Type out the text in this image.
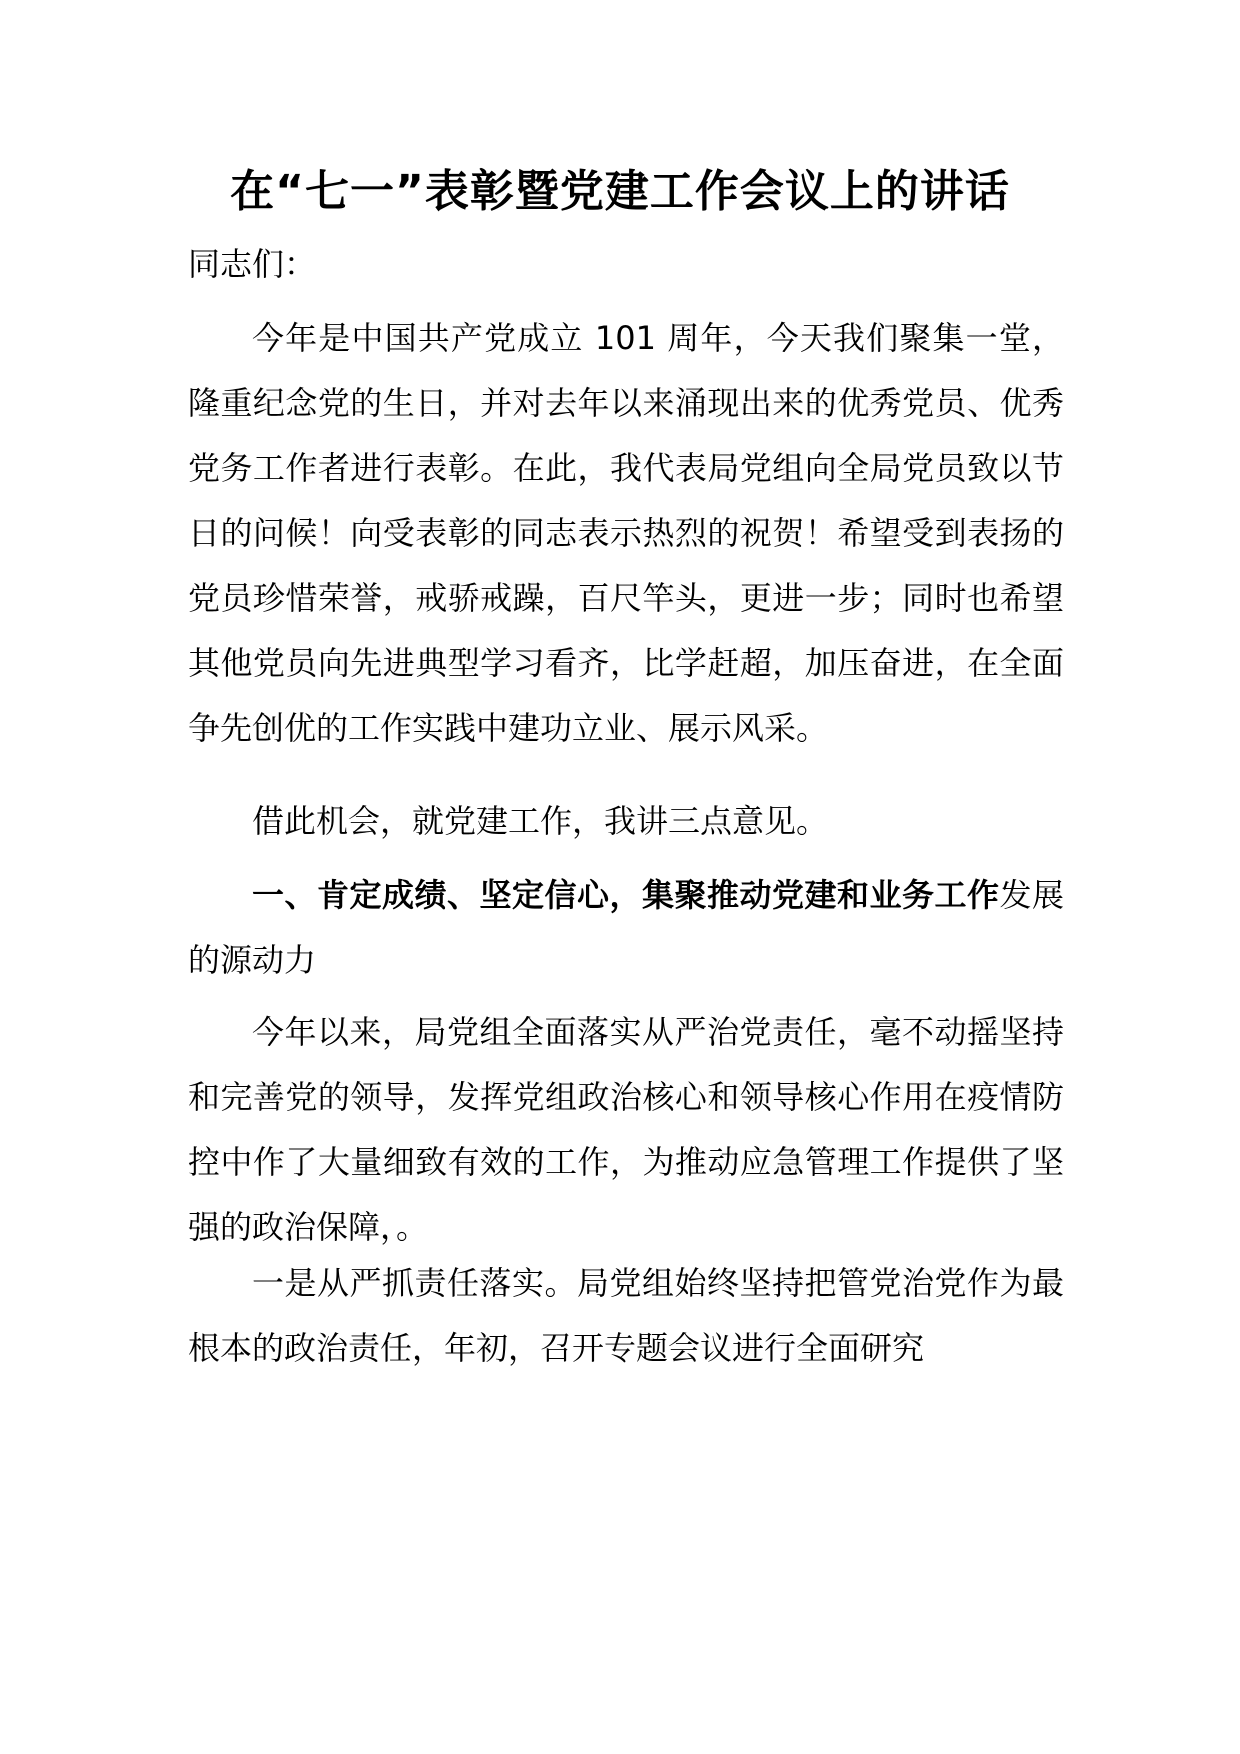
在“七一”表彰暨党建工作会议上的讲话

同志们：

今年是中国共产党成立 101 周年，今天我们聚集一堂，隆重纪念党的生日，并对去年以来涌现出来的优秀党员、优秀党务工作者进行表彰。在此，我代表局党组向全局党员致以节日的问候！向受表彰的同志表示热烈的祝贺！希望受到表扬的党员珍惜荣誉，戒骄戒躁，百尺竿头，更进一步；同时也希望其他党员向先进典型学习看齐，比学赶超，加压奋进，在全面争先创优的工作实践中建功立业、展示风采。

借此机会，就党建工作，我讲三点意见。

一、肯定成绩、坚定信心，集聚推动党建和业务工作发展的源动力

今年以来，局党组全面落实从严治党责任，毫不动摇坚持和完善党的领导，发挥党组政治核心和领导核心作用在疫情防控中作了大量细致有效的工作，为推动应急管理工作提供了坚强的政治保障，。

一是从严抓责任落实。局党组始终坚持把管党治党作为最根本的政治责任，年初，召开专题会议进行全面研究
